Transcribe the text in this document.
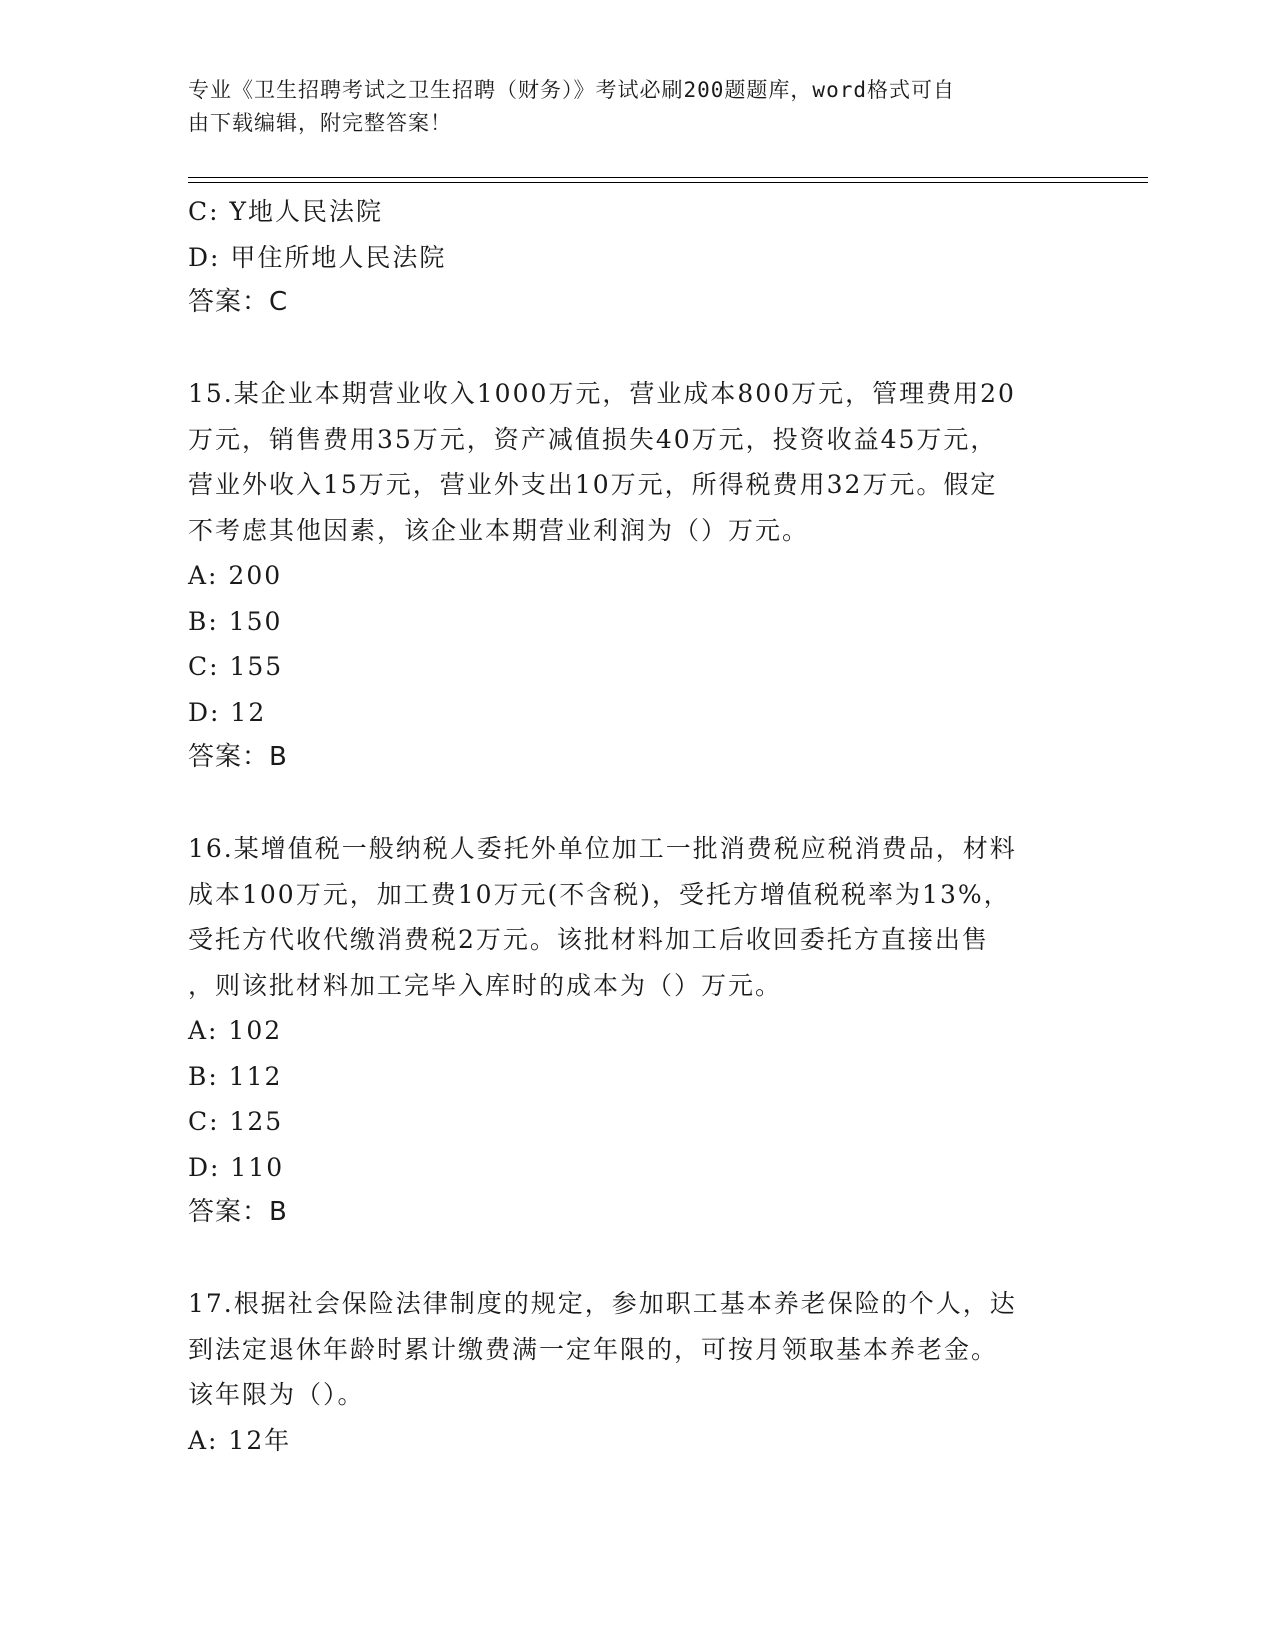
专业《卫生招聘考试之卫生招聘（财务）》考试必刷200题题库，word格式可自
由下载编辑，附完整答案！
C: Y地人民法院
D: 甲住所地人民法院
答案：C
15.某企业本期营业收入1000万元，营业成本800万元，管理费用20
万元，销售费用35万元，资产减值损失40万元，投资收益45万元，
营业外收入15万元，营业外支出10万元，所得税费用32万元。假定
不考虑其他因素，该企业本期营业利润为（）万元。
A: 200
B: 150
C: 155
D: 12
答案：B
16.某增值税一般纳税人委托外单位加工一批消费税应税消费品，材料
成本100万元，加工费10万元(不含税)，受托方增值税税率为13%，
受托方代收代缴消费税2万元。该批材料加工后收回委托方直接出售
，则该批材料加工完毕入库时的成本为（）万元。
A: 102
B: 112
C: 125
D: 110
答案：B
17.根据社会保险法律制度的规定，参加职工基本养老保险的个人，达
到法定退休年龄时累计缴费满一定年限的，可按月领取基本养老金。
该年限为（）。
A: 12年
